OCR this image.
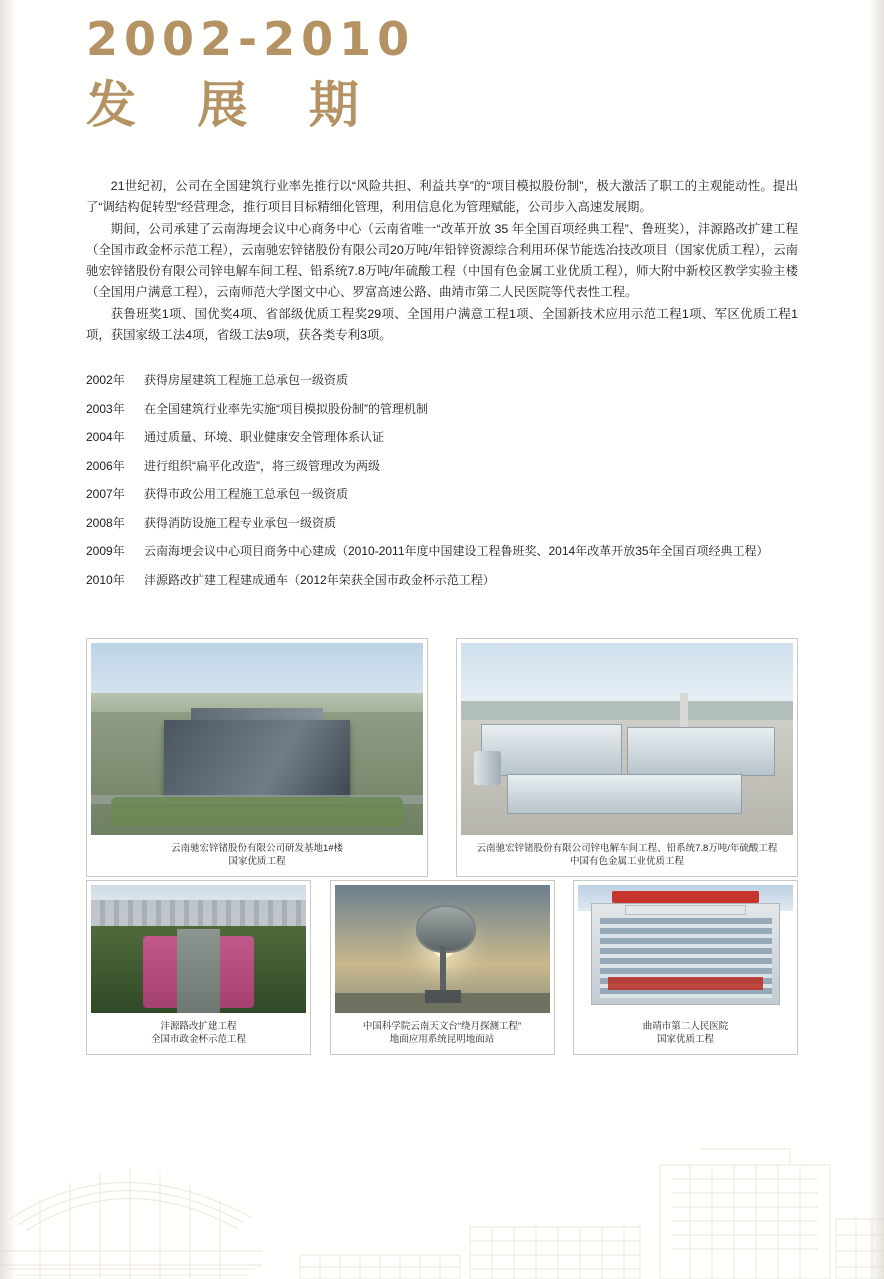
2002-2010
发 展 期

21世纪初，公司在全国建筑行业率先推行以“风险共担、利益共享”的“项目模拟股份制”，极大激活了职工的主观能动性。提出了“调结构促转型”经营理念，推行项目目标精细化管理，利用信息化为管理赋能，公司步入高速发展期。

期间，公司承建了云南海埂会议中心商务中心（云南省唯一“改革开放 35 年全国百项经典工程”、鲁班奖），沣源路改扩建工程（全国市政金杯示范工程），云南驰宏锌锗股份有限公司20万吨/年铅锌资源综合利用环保节能选冶技改项目（国家优质工程），云南驰宏锌锗股份有限公司锌电解车间工程、铅系统7.8万吨/年硫酸工程（中国有色金属工业优质工程），师大附中新校区教学实验主楼（全国用户满意工程），云南师范大学图文中心、罗富高速公路、曲靖市第二人民医院等代表性工程。

获鲁班奖1项、国优奖4项、省部级优质工程奖29项、全国用户满意工程1项、全国新技术应用示范工程1项、军区优质工程1项，获国家级工法4项，省级工法9项，获各类专利3项。

2002年	获得房屋建筑工程施工总承包一级资质
2003年	在全国建筑行业率先实施“项目模拟股份制”的管理机制
2004年	通过质量、环境、职业健康安全管理体系认证
2006年	进行组织“扁平化改造”，将三级管理改为两级
2007年	获得市政公用工程施工总承包一级资质
2008年	获得消防设施工程专业承包一级资质
2009年	云南海埂会议中心项目商务中心建成（2010-2011年度中国建设工程鲁班奖、2014年改革开放35年全国百项经典工程）
2010年	沣源路改扩建工程建成通车（2012年荣获全国市政金杯示范工程）
云南驰宏锌锗股份有限公司研发基地1#楼
国家优质工程
云南驰宏锌锗股份有限公司锌电解车间工程、铅系统7.8万吨/年硫酸工程
中国有色金属工业优质工程
沣源路改扩建工程
全国市政金杯示范工程
中国科学院云南天文台“绕月探测工程”
地面应用系统昆明地面站
曲靖市第二人民医院
国家优质工程
